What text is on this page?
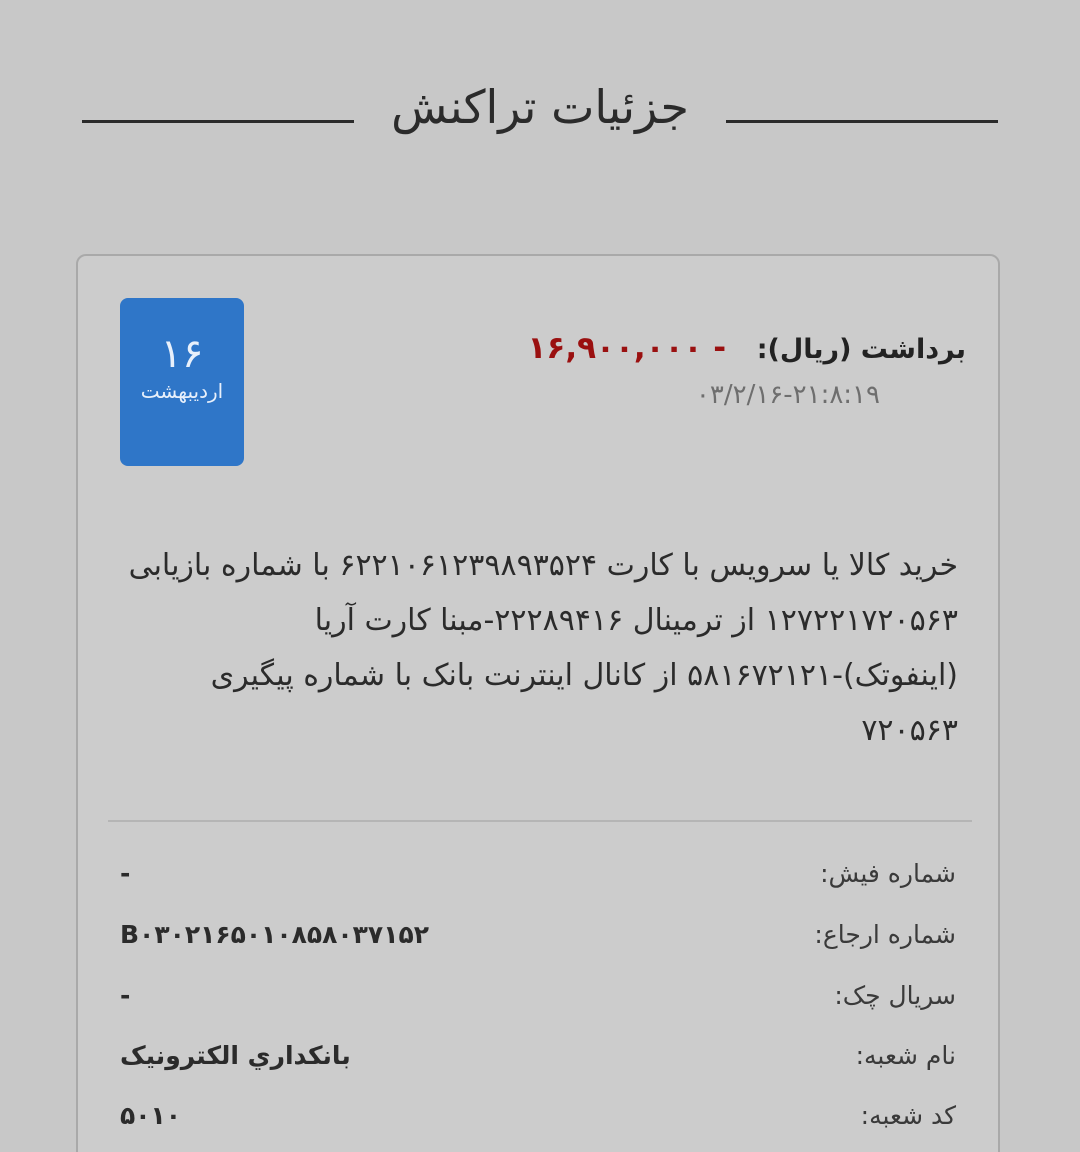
جزئیات تراکنش
۱۶
اردیبهشت
برداشت (ریال): - ۱۶,۹۰۰,۰۰۰
۰۳/۲/۱۶-۲۱:۸:۱۹
خرید کالا یا سرویس با کارت ۶۲۲۱۰۶۱۲۳۹۸۹۳۵۲۴ با شماره بازیابی ۱۲۷۲۲۱۷۲۰۵۶۳ از ترمینال ۲۲۲۸۹۴۱۶-مبنا کارت آریا (اینفوتک)-۵۸۱۶۷۲۱۲۱ از کانال اینترنت بانک با شماره پیگیری ۷۲۰۵۶۳
شماره فیش:
-
شماره ارجاع:
B۰۳۰۲۱۶۵۰۱۰۸۵۸۰۳۷۱۵۲
سریال چک:
-
نام شعبه:
بانكداري الكترونيک
کد شعبه:
۵۰۱۰
